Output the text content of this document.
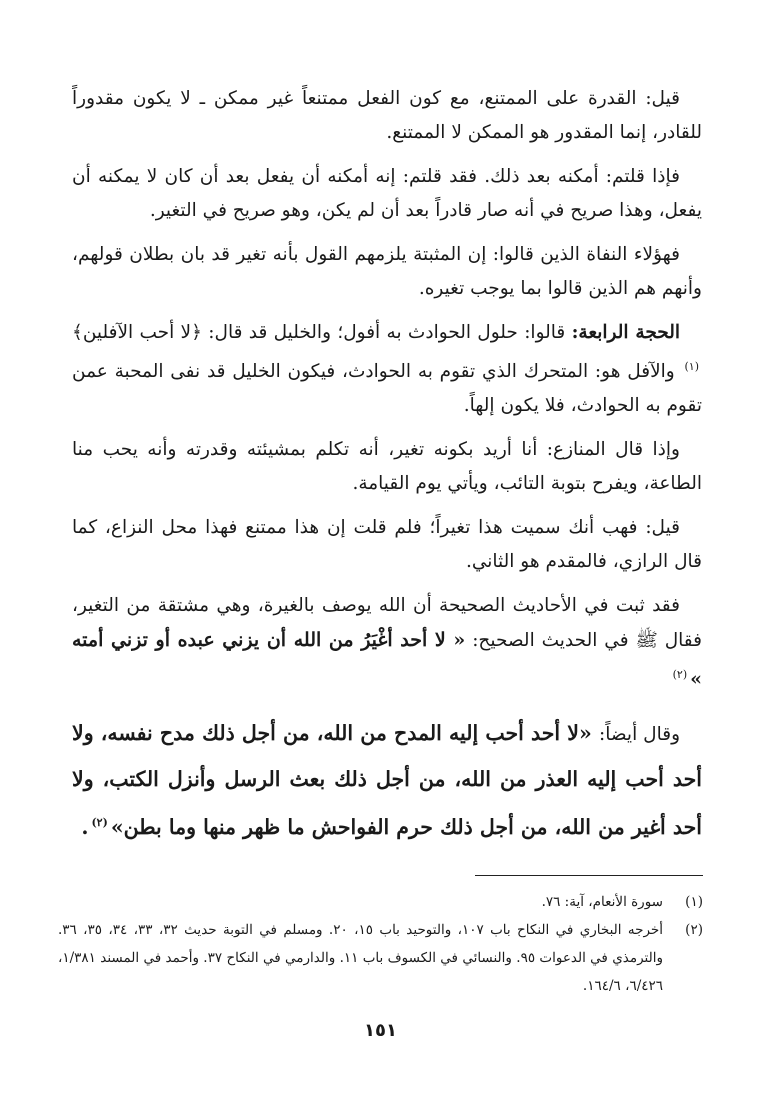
قيل: القدرة على الممتنع، مع كون الفعل ممتنعاً غير ممكن ـ لا يكون مقدوراً للقادر، إنما المقدور هو الممكن لا الممتنع.

فإذا قلتم: أمكنه بعد ذلك. فقد قلتم: إنه أمكنه أن يفعل بعد أن كان لا يمكنه أن يفعل، وهذا صريح في أنه صار قادراً بعد أن لم يكن، وهو صريح في التغير.

فهؤلاء النفاة الذين قالوا: إن المثبتة يلزمهم القول بأنه تغير قد بان بطلان قولهم، وأنهم هم الذين قالوا بما يوجب تغيره.

الحجة الرابعة: قالوا: حلول الحوادث به أفول؛ والخليل قد قال: ﴿لا أحب الآفلين﴾$^{(١)}$ والآفل هو: المتحرك الذي تقوم به الحوادث، فيكون الخليل قد نفى المحبة عمن تقوم به الحوادث، فلا يكون إلهاً.

وإذا قال المنازع: أنا أريد بكونه تغير، أنه تكلم بمشيئته وقدرته وأنه يحب منا الطاعة، ويفرح بتوبة التائب، ويأتي يوم القيامة.

قيل: فهب أنك سميت هذا تغيراً؛ فلم قلت إن هذا ممتنع فهذا محل النزاع، كما قال الرازي، فالمقدم هو الثاني.

فقد ثبت في الأحاديث الصحيحة أن الله يوصف بالغيرة، وهي مشتقة من التغير، فقال ﷺ في الحديث الصحيح: « لا أحد أغْيَرُ من الله أن يزني عبده أو تزني أمته »$^{(٢)}$

وقال أيضاً: «لا أحد أحب إليه المدح من الله، من أجل ذلك مدح نفسه، ولا أحد أحب إليه العذر من الله، من أجل ذلك بعث الرسل وأنزل الكتب، ولا أحد أغير من الله، من أجل ذلك حرم الفواحش ما ظهر منها وما بطن»$^{(٢)}$.

(١)
سورة الأنعام، آية: ٧٦.
(٢)
أخرجه البخاري في النكاح باب ١٠٧، والتوحيد باب ١٥، ٢٠. ومسلم في التوبة حديث ٣٢، ٣٣، ٣٤، ٣٥، ٣٦. والترمذي في الدعوات ٩٥. والنسائي في الكسوف باب ١١. والدارمي في النكاح ٣٧. وأحمد في المسند ١/٣٨١، ٦/٤٢٦، ١٦٤/٦.
١٥١
